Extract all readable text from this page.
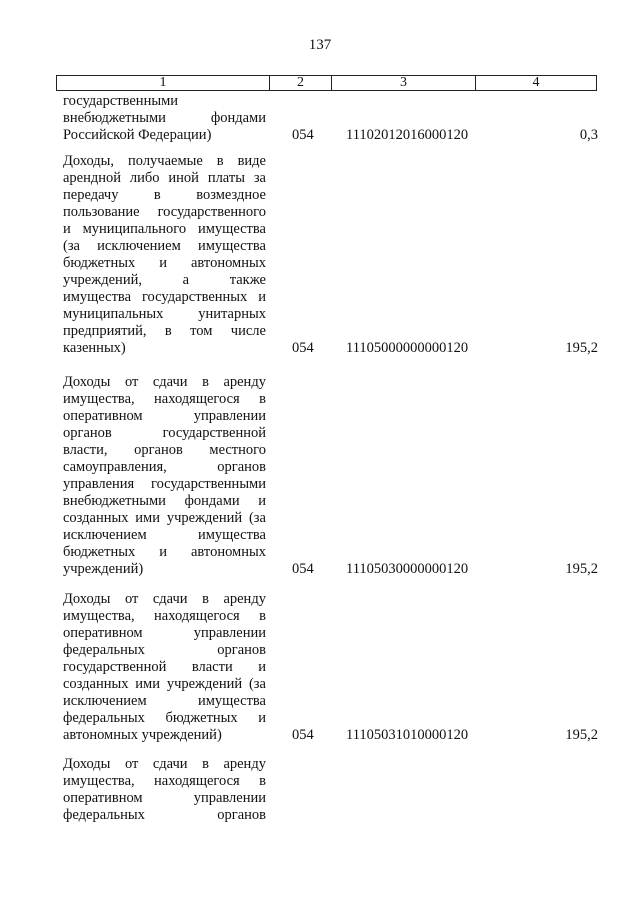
137
1	2	3	4
государственными
внебюджетными	фондами
Российской Федерации)	054	11102012016000120	0,3
Доходы, получаемые в виде
арендной либо иной платы за
передачу в возмездное
пользование государственного
и муниципального имущества
(за исключением имущества
бюджетных и автономных
учреждений,	а	также
имущества государственных и
муниципальных унитарных
предприятий, в том числе
казенных)	054	11105000000000120	195,2
Доходы от сдачи в аренду
имущества, находящегося в
оперативном	управлении
органов	государственной
власти, органов местного
самоуправления,	органов
управления государственными
внебюджетными фондами и
созданных ими учреждений (за
исключением	имущества
бюджетных и автономных
учреждений)	054	11105030000000120	195,2
Доходы от сдачи в аренду
имущества, находящегося в
оперативном	управлении
федеральных	органов
государственной власти и
созданных ими учреждений (за
исключением	имущества
федеральных бюджетных и
автономных учреждений)	054	11105031010000120	195,2
Доходы от сдачи в аренду
имущества, находящегося в
оперативном	управлении
федеральных	органов
